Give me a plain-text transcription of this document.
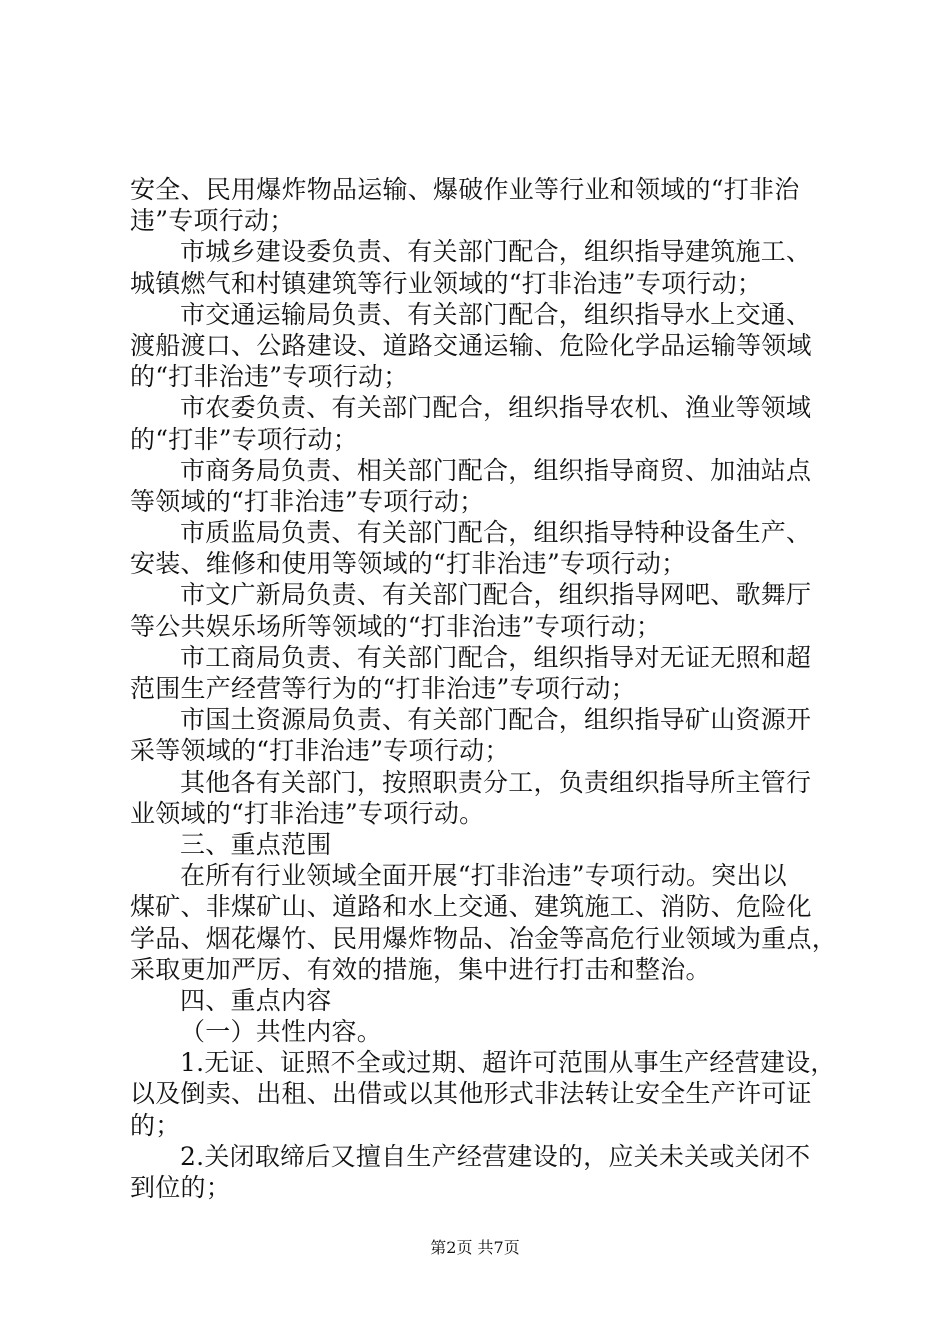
安全、民用爆炸物品运输、爆破作业等行业和领域的“打非治
违”专项行动；
市城乡建设委负责、有关部门配合，组织指导建筑施工、
城镇燃气和村镇建筑等行业领域的“打非治违”专项行动；
市交通运输局负责、有关部门配合，组织指导水上交通、
渡船渡口、公路建设、道路交通运输、危险化学品运输等领域
的“打非治违”专项行动；
市农委负责、有关部门配合，组织指导农机、渔业等领域
的“打非”专项行动；
市商务局负责、相关部门配合，组织指导商贸、加油站点
等领域的“打非治违”专项行动；
市质监局负责、有关部门配合，组织指导特种设备生产、
安装、维修和使用等领域的“打非治违”专项行动；
市文广新局负责、有关部门配合，组织指导网吧、歌舞厅
等公共娱乐场所等领域的“打非治违”专项行动；
市工商局负责、有关部门配合，组织指导对无证无照和超
范围生产经营等行为的“打非治违”专项行动；
市国土资源局负责、有关部门配合，组织指导矿山资源开
采等领域的“打非治违”专项行动；
其他各有关部门，按照职责分工，负责组织指导所主管行
业领域的“打非治违”专项行动。
三、重点范围
在所有行业领域全面开展“打非治违”专项行动。突出以
煤矿、非煤矿山、道路和水上交通、建筑施工、消防、危险化
学品、烟花爆竹、民用爆炸物品、冶金等高危行业领域为重点，
采取更加严厉、有效的措施，集中进行打击和整治。
四、重点内容
（一）共性内容。
1.无证、证照不全或过期、超许可范围从事生产经营建设，
以及倒卖、出租、出借或以其他形式非法转让安全生产许可证
的；
2.关闭取缔后又擅自生产经营建设的，应关未关或关闭不
到位的；
第2页 共7页
